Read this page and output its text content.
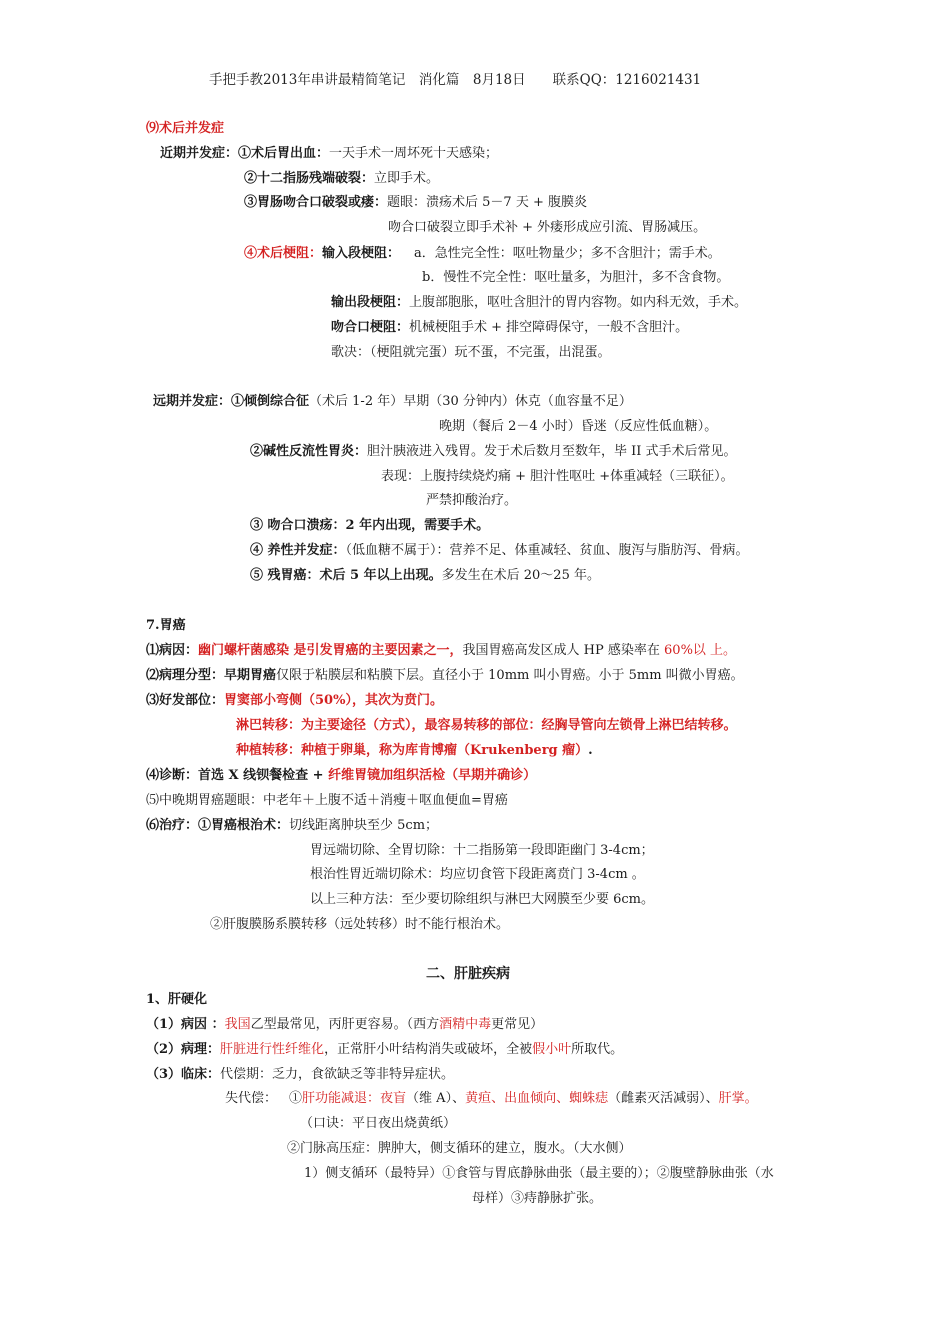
手把手教2013年串讲最精简笔记　消化篇　8月18日　　联系QQ：1216021431
⑼术后并发症
近期并发症：①术后胃出血：一天手术一周坏死十天感染；
②十二指肠残端破裂：立即手术。
③胃肠吻合口破裂或瘘：题眼：溃疡术后 5－7 天 + 腹膜炎
吻合口破裂立即手术补 + 外瘘形成应引流、胃肠减压。
④术后梗阻：输入段梗阻： a．急性完全性：呕吐物量少；多不含胆汁；需手术。
b．慢性不完全性：呕吐量多，为胆汁，多不含食物。
输出段梗阻：上腹部胞胀，呕吐含胆汁的胃内容物。如内科无效，手术。
吻合口梗阻：机械梗阻手术 + 排空障碍保守，一般不含胆汁。
歌决：（梗阻就完蛋）玩不蛋，不完蛋，出混蛋。
远期并发症：①倾倒综合征（术后 1-2 年）早期（30 分钟内）休克（血容量不足）
晚期（餐后 2－4 小时）昏迷（反应性低血糖）。
②碱性反流性胃炎：胆汁胰液进入残胃。发于术后数月至数年，毕 II 式手术后常见。
表现：上腹持续烧灼痛 + 胆汁性呕吐 +体重减轻（三联征）。
严禁抑酸治疗。
③ 吻合口溃疡：2 年内出现，需要手术。
④ 养性并发症：（低血糖不属于）：营养不足、体重减轻、贫血、腹泻与脂肪泻、骨病。
⑤ 残胃癌：术后 5 年以上出现。多发生在术后 20～25 年。
7.胃癌
⑴病因：幽门螺杆菌感染 是引发胃癌的主要因素之一，我国胃癌高发区成人 HP 感染率在 60%以 上。
⑵病理分型：早期胃癌仅限于粘膜层和粘膜下层。直径小于 10mm 叫小胃癌。小于 5mm 叫微小胃癌。
⑶好发部位：胃窦部小弯侧（50%），其次为贲门。
淋巴转移：为主要途径（方式），最容易转移的部位：经胸导管向左锁骨上淋巴结转移。
种植转移：种植于卵巢，称为库肯博瘤（Krukenberg 瘤）.
⑷诊断：首选 X 线钡餐检查 + 纤维胃镜加组织活检（早期并确诊）
⑸中晚期胃癌题眼：中老年＋上腹不适＋消瘦＋呕血便血=胃癌
⑹治疗：①胃癌根治术：切线距离肿块至少 5cm；
胃远端切除、全胃切除：十二指肠第一段即距幽门 3-4cm；
根治性胃近端切除术：均应切食管下段距离贲门 3-4cm 。
以上三种方法：至少要切除组织与淋巴大网膜至少要 6cm。
②肝腹膜肠系膜转移（远处转移）时不能行根治术。
二、肝脏疾病
1、肝硬化
（1）病因 ：我国乙型最常见，丙肝更容易。（西方酒精中毒更常见）
（2）病理：肝脏进行性纤维化，正常肝小叶结构消失或破坏，全被假小叶所取代。
（3）临床：代偿期：乏力，食欲缺乏等非特异症状。
失代偿： ①肝功能减退：夜盲（维 A）、黄疸、出血倾向、蜘蛛痣（雌素灭活减弱）、肝掌。
（口诀：平日夜出烧黄纸）
②门脉高压症：脾肿大，侧支循环的建立，腹水。（大水侧）
1）侧支循环（最特异）①食管与胃底静脉曲张（最主要的）；②腹壁静脉曲张（水
母样）③痔静脉扩张。
